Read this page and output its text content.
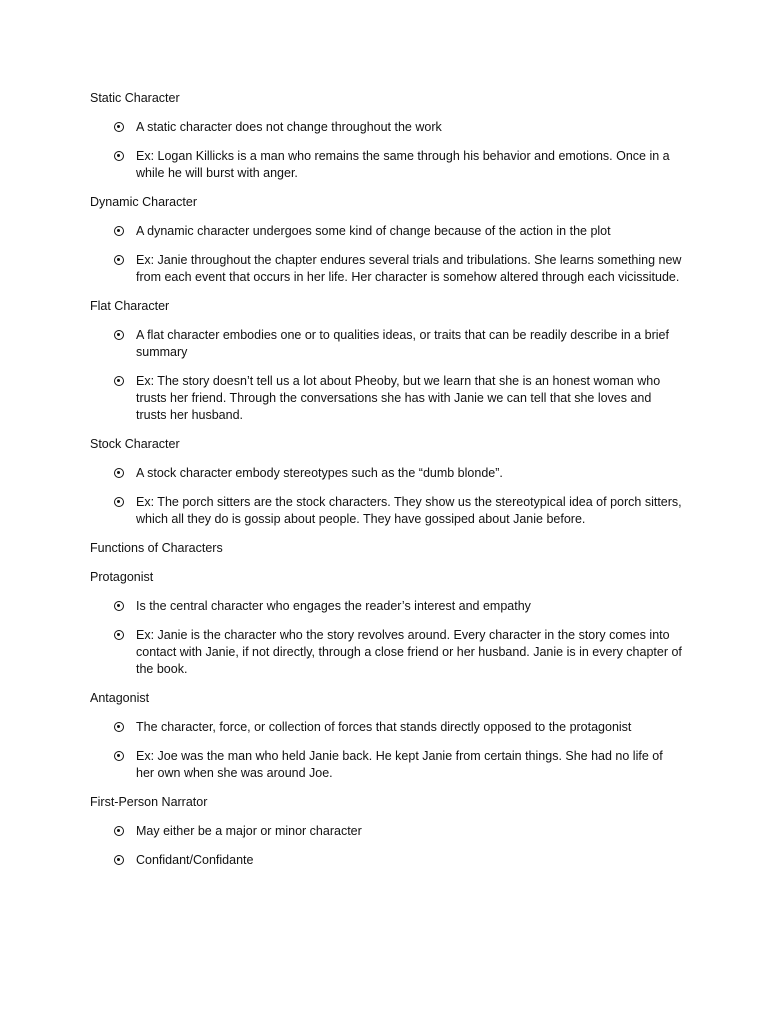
Static Character

A static character does not change throughout the work
Ex: Logan Killicks is a man who remains the same through his behavior and emotions. Once in a while he will burst with anger.

Dynamic Character

A dynamic character undergoes some kind of change because of the action in the plot
Ex: Janie throughout the chapter endures several trials and tribulations. She learns something new from each event that occurs in her life. Her character is somehow altered through each vicissitude.

Flat Character

A flat character embodies one or to qualities ideas, or traits that can be readily describe in a brief summary
Ex: The story doesn’t tell us a lot about Pheoby, but we learn that she is an honest woman who trusts her friend. Through the conversations she has with Janie we can tell that she loves and trusts her husband.

Stock Character

A stock character embody stereotypes such as the “dumb blonde”.
Ex: The porch sitters are the stock characters. They show us the stereotypical idea of porch sitters, which all they do is gossip about people. They have gossiped about Janie before.

Functions of Characters

Protagonist

Is the central character who engages the reader’s interest and empathy
Ex: Janie is the character who the story revolves around. Every character in the story comes into contact with Janie, if not directly, through a close friend or her husband. Janie is in every chapter of the book.

Antagonist

The character, force, or collection of forces that stands directly opposed to the protagonist
Ex: Joe was the man who held Janie back. He kept Janie from certain things. She had no life of her own when she was around Joe.

First-Person Narrator

May either be a major or minor character
Confidant/Confidante
